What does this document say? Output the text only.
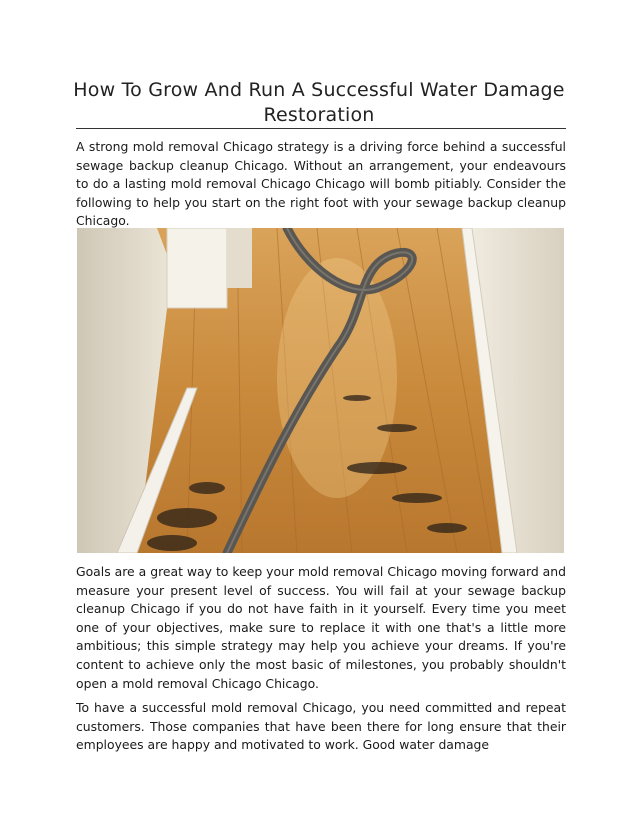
How To Grow And Run A Successful Water Damage Restoration

A strong mold removal Chicago strategy is a driving force behind a successful sewage backup cleanup Chicago. Without an arrangement, your endeavours to do a lasting mold removal Chicago Chicago will bomb pitiably. Consider the following to help you start on the right foot with your sewage backup cleanup Chicago.

Goals are a great way to keep your mold removal Chicago moving forward and measure your present level of success. You will fail at your sewage backup cleanup Chicago if you do not have faith in it yourself. Every time you meet one of your objectives, make sure to replace it with one that's a little more ambitious; this simple strategy may help you achieve your dreams. If you're content to achieve only the most basic of milestones, you probably shouldn't open a mold removal Chicago Chicago.

To have a successful mold removal Chicago, you need committed and repeat customers. Those companies that have been there for long ensure that their employees are happy and motivated to work. Good water damage
